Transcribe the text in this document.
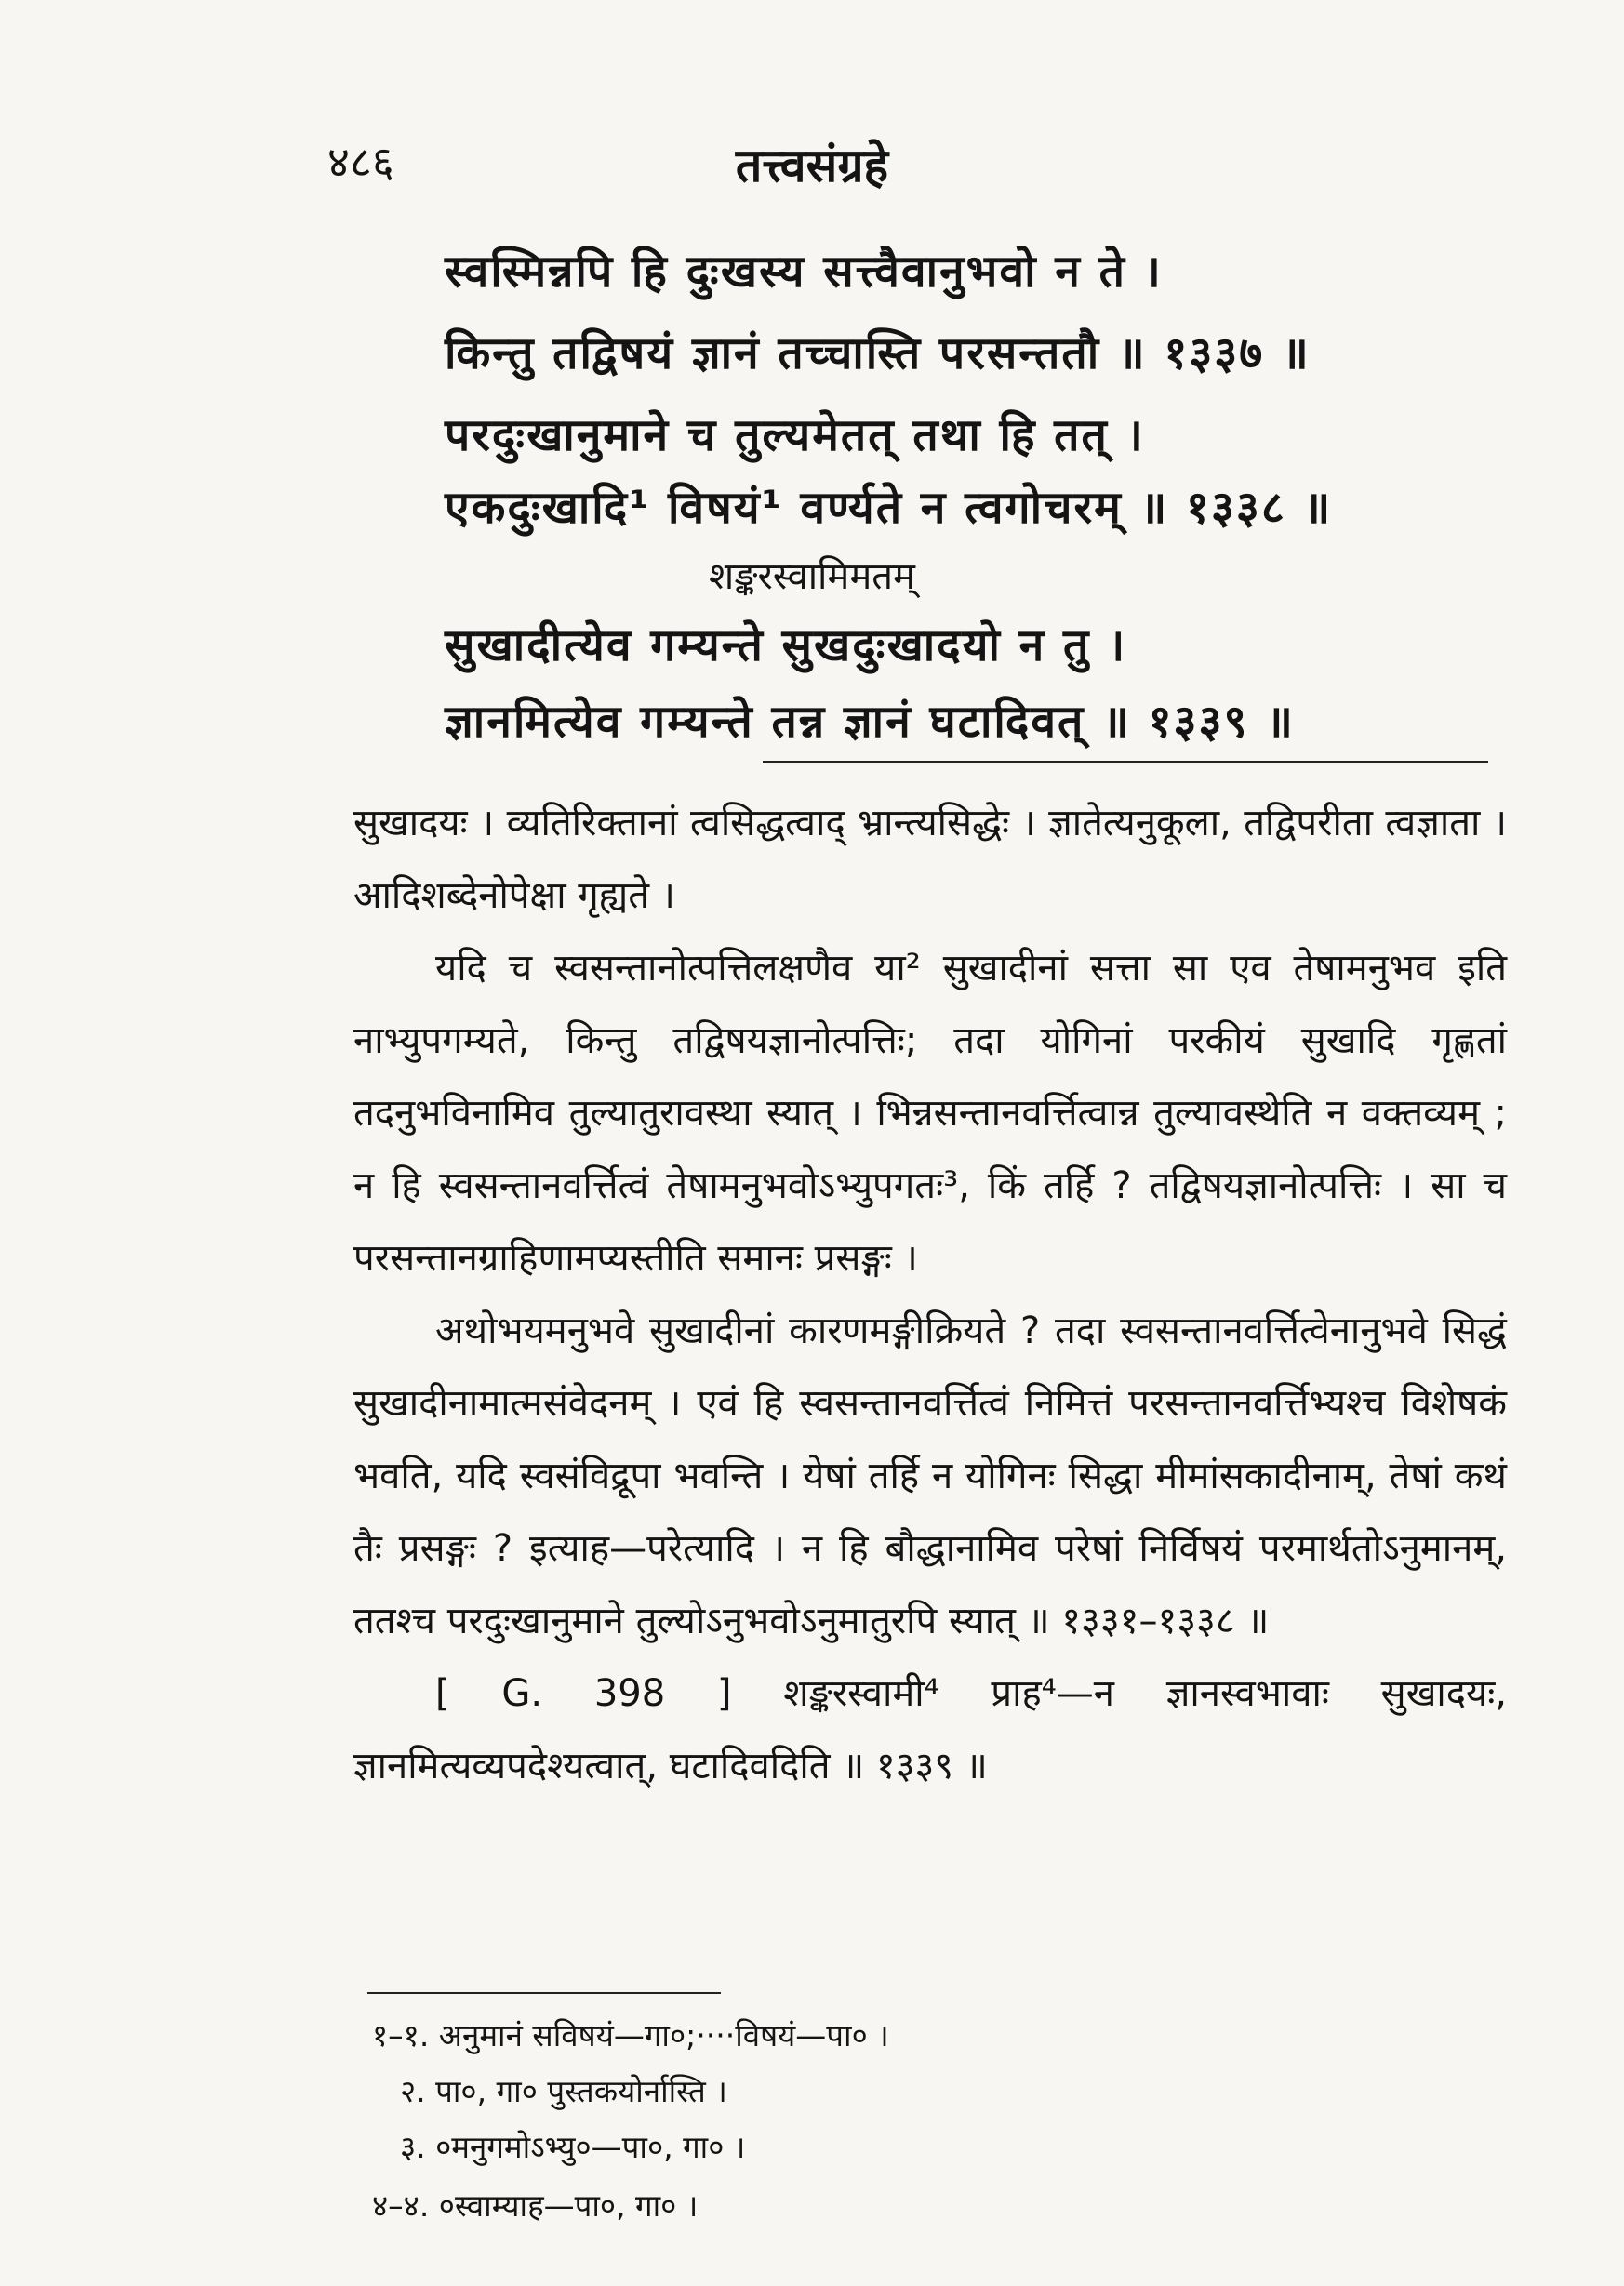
४८६	तत्त्वसंग्रहे
स्वस्मिन्नपि हि दुःखस्य सत्त्वैवानुभवो न ते ।
किन्तु तद्विषयं ज्ञानं तच्चास्ति परसन्ततौ ॥ १३३७ ॥
परदुःखानुमाने च तुल्यमेतत् तथा हि तत् ।
एकदुःखादि¹ विषयं¹ वर्ण्यते न त्वगोचरम् ॥ १३३८ ॥
शङ्करस्वामिमतम्
सुखादीत्येव गम्यन्ते सुखदुःखादयो न तु ।
ज्ञानमित्येव गम्यन्ते तन्न ज्ञानं घटादिवत् ॥ १३३९ ॥

सुखादयः । व्यतिरिक्तानां त्वसिद्धत्वाद् भ्रान्त्यसिद्धेः । ज्ञातेत्यनुकूला, तद्विपरीता त्वज्ञाता । आदिशब्देनोपेक्षा गृह्यते ।

यदि च स्वसन्तानोत्पत्तिलक्षणैव या² सुखादीनां सत्ता सा एव तेषामनुभव इति नाभ्युपगम्यते, किन्तु तद्विषयज्ञानोत्पत्तिः; तदा योगिनां परकीयं सुखादि गृह्णतां तदनुभविनामिव तुल्यातुरावस्था स्यात् । भिन्नसन्तानवर्त्तित्वान्न तुल्यावस्थेति न वक्तव्यम् ; न हि स्वसन्तानवर्त्तित्वं तेषामनुभवोऽभ्युपगतः³, किं तर्हि ? तद्विषयज्ञानोत्पत्तिः । सा च परसन्तानग्राहिणामप्यस्तीति समानः प्रसङ्गः ।

अथोभयमनुभवे सुखादीनां कारणमङ्गीक्रियते ? तदा स्वसन्तानवर्त्तित्वेनानुभवे सिद्धं सुखादीनामात्मसंवेदनम् । एवं हि स्वसन्तानवर्त्तित्वं निमित्तं परसन्तानवर्त्तिभ्यश्च विशेषकं भवति, यदि स्वसंविद्रूपा भवन्ति । येषां तर्हि न योगिनः सिद्धा मीमांसकादीनाम्, तेषां कथं तैः प्रसङ्गः ? इत्याह—परेत्यादि । न हि बौद्धानामिव परेषां निर्विषयं परमार्थतोऽनुमानम्, ततश्च परदुःखानुमाने तुल्योऽनुभवोऽनुमातुरपि स्यात् ॥ १३३१–१३३८ ॥

[ G. 398 ] शङ्करस्वामी⁴ प्राह⁴—न ज्ञानस्वभावाः सुखादयः, ज्ञानमित्यव्यपदेश्यत्वात्, घटादिवदिति ॥ १३३९ ॥

१–१. अनुमानं सविषयं—गा०;····विषयं—पा० ।
२. पा०, गा० पुस्तकयोर्नास्ति ।
३. ०मनुगमोऽभ्यु०—पा०, गा० ।
४–४. ०स्वाम्याह—पा०, गा० ।
